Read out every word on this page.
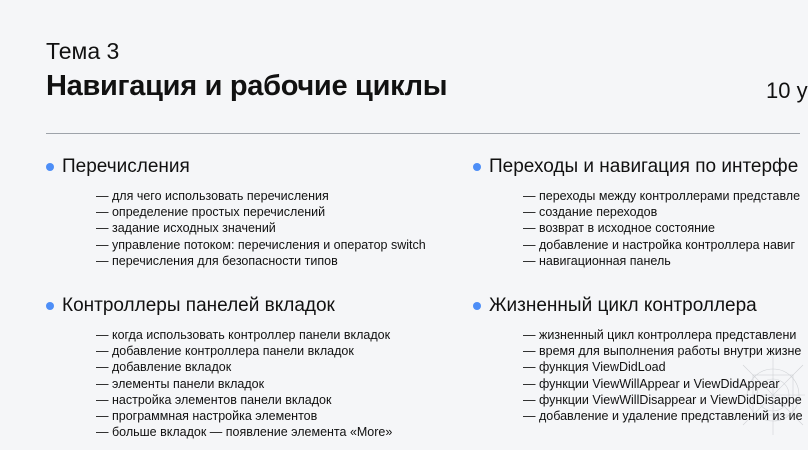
Тема 3
Навигация и рабочие циклы	10 у
Перечисления
— для чего использовать перечисления
— определение простых перечислений
— задание исходных значений
— управление потоком: перечисления и оператор switch
— перечисления для безопасности типов
Переходы и навигация по интерфе
— переходы между контроллерами представле
— создание переходов
— возврат в исходное состояние
— добавление и настройка контроллера навиг
— навигационная панель
Контроллеры панелей вкладок
— когда использовать контроллер панели вкладок
— добавление контроллера панели вкладок
— добавление вкладок
— элементы панели вкладок
— настройка элементов панели вкладок
— программная настройка элементов
— больше вкладок — появление элемента «More»
Жизненный цикл контроллера
— жизненный цикл контроллера представлени
— время для выполнения работы внутри жизне
— функция ViewDidLoad
— функции ViewWillAppear и ViewDidAppear
— функции ViewWillDisappear и ViewDidDisappe
— добавление и удаление представлений из ие
